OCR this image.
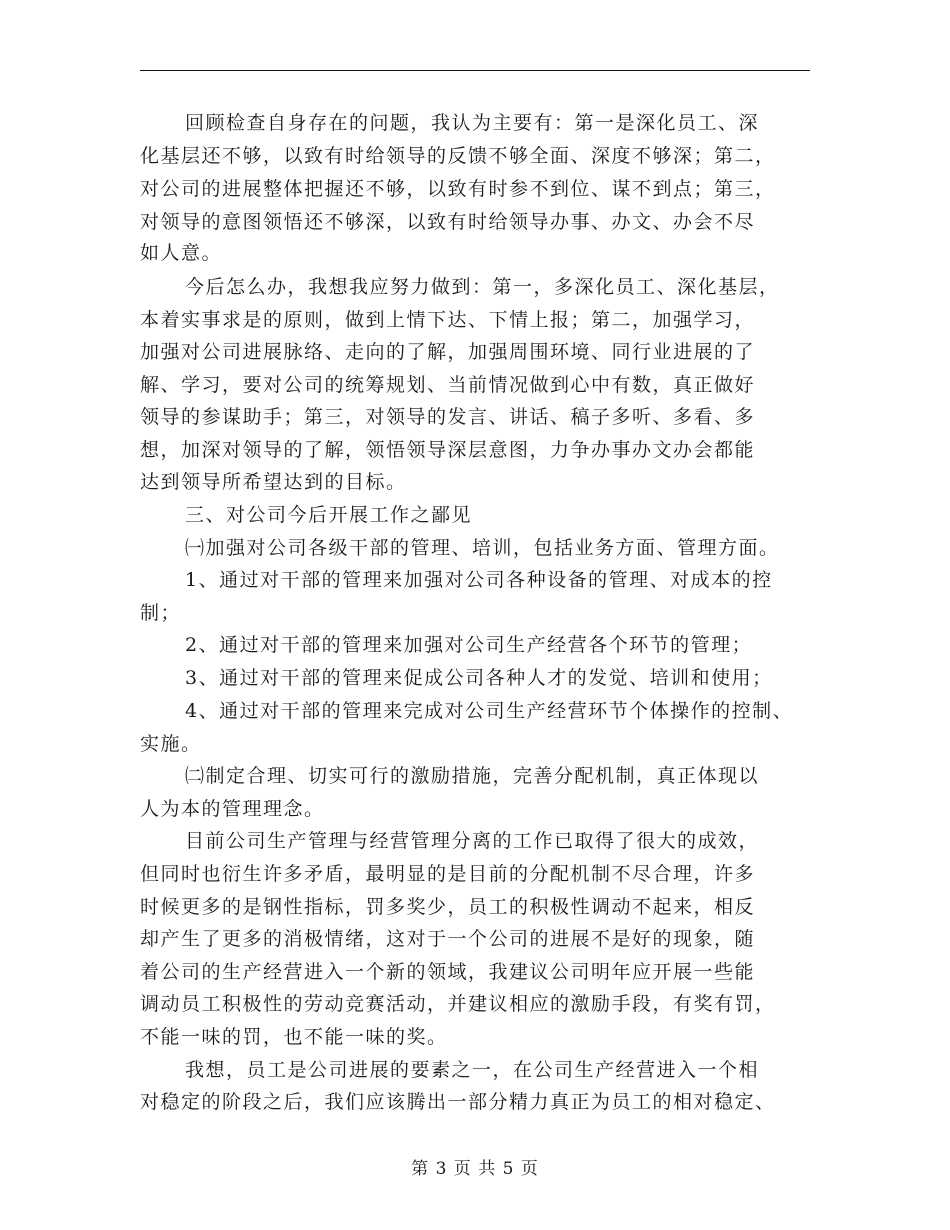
回顾检查自身存在的问题，我认为主要有：第一是深化员工、深
化基层还不够，以致有时给领导的反馈不够全面、深度不够深；第二，
对公司的进展整体把握还不够，以致有时参不到位、谋不到点；第三，
对领导的意图领悟还不够深，以致有时给领导办事、办文、办会不尽
如人意。
今后怎么办，我想我应努力做到：第一，多深化员工、深化基层，
本着实事求是的原则，做到上情下达、下情上报；第二，加强学习，
加强对公司进展脉络、走向的了解，加强周围环境、同行业进展的了
解、学习，要对公司的统筹规划、当前情况做到心中有数，真正做好
领导的参谋助手；第三，对领导的发言、讲话、稿子多听、多看、多
想，加深对领导的了解，领悟领导深层意图，力争办事办文办会都能
达到领导所希望达到的目标。
三、对公司今后开展工作之鄙见
㈠加强对公司各级干部的管理、培训，包括业务方面、管理方面。
1、通过对干部的管理来加强对公司各种设备的管理、对成本的控
制；
2、通过对干部的管理来加强对公司生产经营各个环节的管理；
3、通过对干部的管理来促成公司各种人才的发觉、培训和使用；
4、通过对干部的管理来完成对公司生产经营环节个体操作的控制、
实施。
㈡制定合理、切实可行的激励措施，完善分配机制，真正体现以
人为本的管理理念。
目前公司生产管理与经营管理分离的工作已取得了很大的成效，
但同时也衍生许多矛盾，最明显的是目前的分配机制不尽合理，许多
时候更多的是钢性指标，罚多奖少，员工的积极性调动不起来，相反
却产生了更多的消极情绪，这对于一个公司的进展不是好的现象，随
着公司的生产经营进入一个新的领域，我建议公司明年应开展一些能
调动员工积极性的劳动竞赛活动，并建议相应的激励手段，有奖有罚，
不能一味的罚，也不能一味的奖。
我想，员工是公司进展的要素之一，在公司生产经营进入一个相
对稳定的阶段之后，我们应该腾出一部分精力真正为员工的相对稳定、
第 3 页 共 5 页
